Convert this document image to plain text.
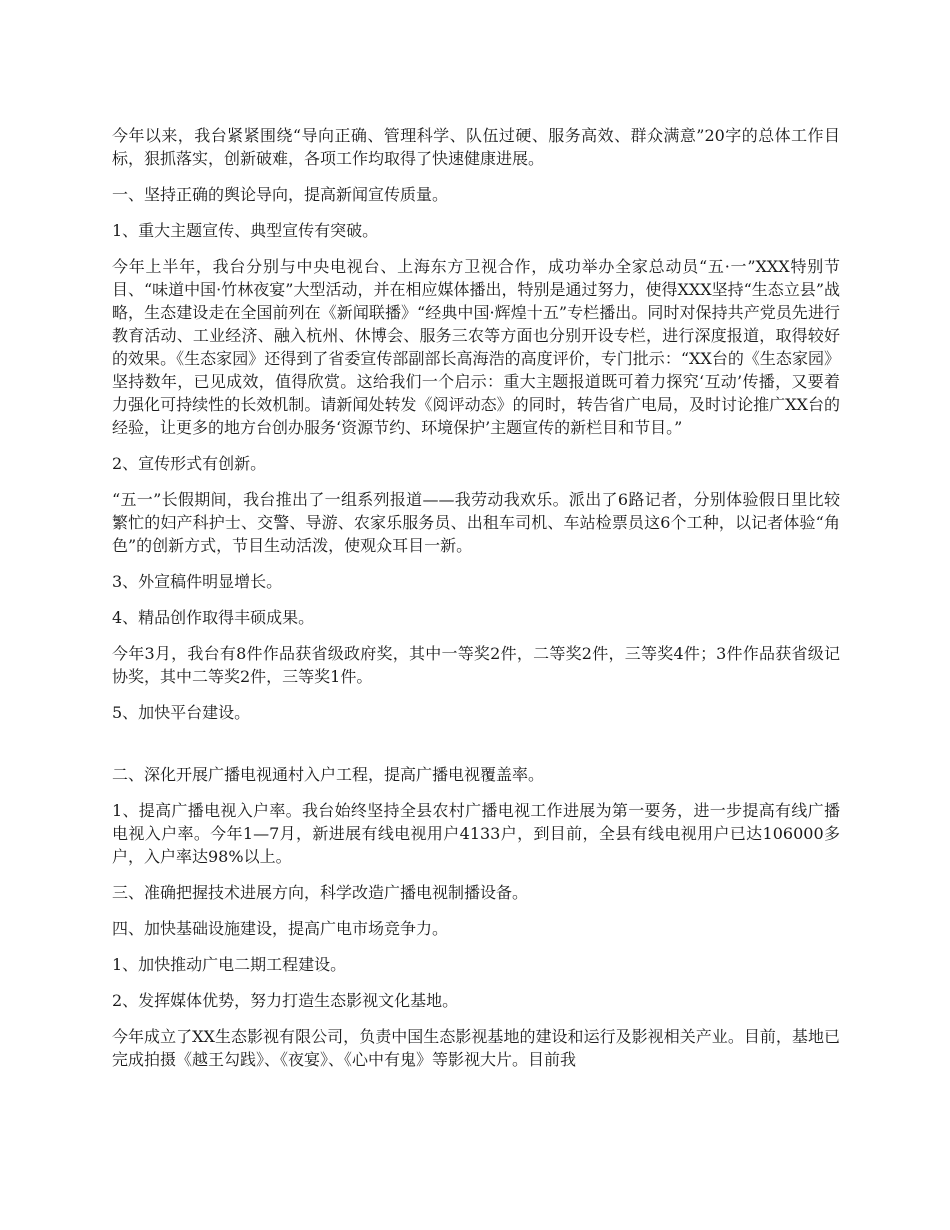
今年以来，我台紧紧围绕“导向正确、管理科学、队伍过硬、服务高效、群众满意”20字的总体工作目标，狠抓落实，创新破难，各项工作均取得了快速健康进展。

一、坚持正确的舆论导向，提高新闻宣传质量。

1、重大主题宣传、典型宣传有突破。

今年上半年，我台分别与中央电视台、上海东方卫视合作，成功举办全家总动员“五·一”XXX特别节目、“味道中国·竹林夜宴”大型活动，并在相应媒体播出，特别是通过努力，使得XXX坚持“生态立县”战略，生态建设走在全国前列在《新闻联播》“经典中国·辉煌十五”专栏播出。同时对保持共产党员先进行教育活动、工业经济、融入杭州、休博会、服务三农等方面也分别开设专栏，进行深度报道，取得较好的效果。《生态家园》还得到了省委宣传部副部长高海浩的高度评价，专门批示：“XX台的《生态家园》坚持数年，已见成效，值得欣赏。这给我们一个启示：重大主题报道既可着力探究‘互动’传播，又要着力强化可持续性的长效机制。请新闻处转发《阅评动态》的同时，转告省广电局，及时讨论推广XX台的经验，让更多的地方台创办服务‘资源节约、环境保护’主题宣传的新栏目和节目。”

2、宣传形式有创新。

“五一”长假期间，我台推出了一组系列报道——我劳动我欢乐。派出了6路记者，分别体验假日里比较繁忙的妇产科护士、交警、导游、农家乐服务员、出租车司机、车站检票员这6个工种，以记者体验“角色”的创新方式，节目生动活泼，使观众耳目一新。

3、外宣稿件明显增长。

4、精品创作取得丰硕成果。

今年3月，我台有8件作品获省级政府奖，其中一等奖2件，二等奖2件，三等奖4件；3件作品获省级记协奖，其中二等奖2件，三等奖1件。

5、加快平台建设。

二、深化开展广播电视通村入户工程，提高广播电视覆盖率。

1、提高广播电视入户率。我台始终坚持全县农村广播电视工作进展为第一要务，进一步提高有线广播电视入户率。今年1—7月，新进展有线电视用户4133户，到目前，全县有线电视用户已达106000多户，入户率达98%以上。

三、准确把握技术进展方向，科学改造广播电视制播设备。

四、加快基础设施建设，提高广电市场竞争力。

1、加快推动广电二期工程建设。

2、发挥媒体优势，努力打造生态影视文化基地。

今年成立了XX生态影视有限公司，负责中国生态影视基地的建设和运行及影视相关产业。目前，基地已完成拍摄《越王勾践》、《夜宴》、《心中有鬼》等影视大片。目前我
